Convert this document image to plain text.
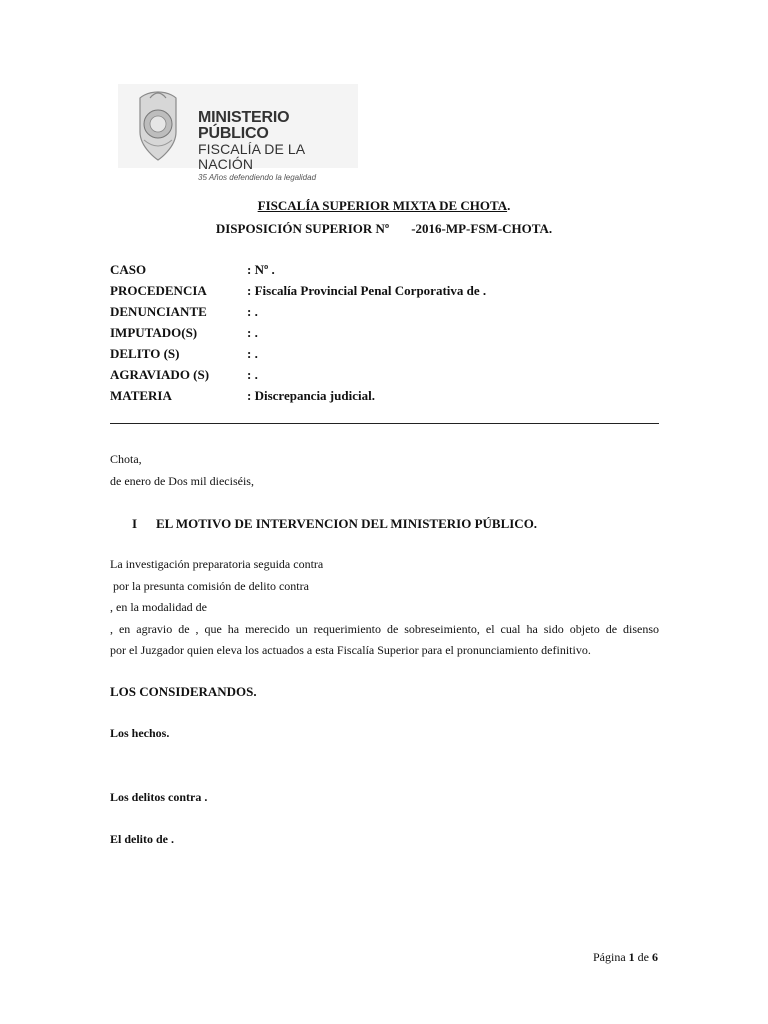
MINISTERIO PÚBLICO
FISCALÍA DE LA NACIÓN
35 Años defendiendo la legalidad
FISCALÍA SUPERIOR MIXTA DE CHOTA.
DISPOSICIÓN SUPERIOR Nº -2016-MP-FSM-CHOTA.
CASO	: Nº .
PROCEDENCIA	: Fiscalía Provincial Penal Corporativa de .
DENUNCIANTE	: .
IMPUTADO(S)	: .
DELITO (S)	: .
AGRAVIADO (S)	: .
MATERIA	: Discrepancia judicial.
Chota,
de enero de Dos mil dieciséis,
I EL MOTIVO DE INTERVENCION DEL MINISTERIO PÚBLICO.
La investigación preparatoria seguida contra
por la presunta comisión de delito contra
, en la modalidad de
, en agravio de , que ha merecido un requerimiento de sobreseimiento, el cual ha sido objeto de disenso
por el Juzgador quien eleva los actuados a esta Fiscalía Superior para el pronunciamiento definitivo.
LOS CONSIDERANDOS.
Los hechos.
Los delitos contra .
El delito de .
Página 1 de 6
